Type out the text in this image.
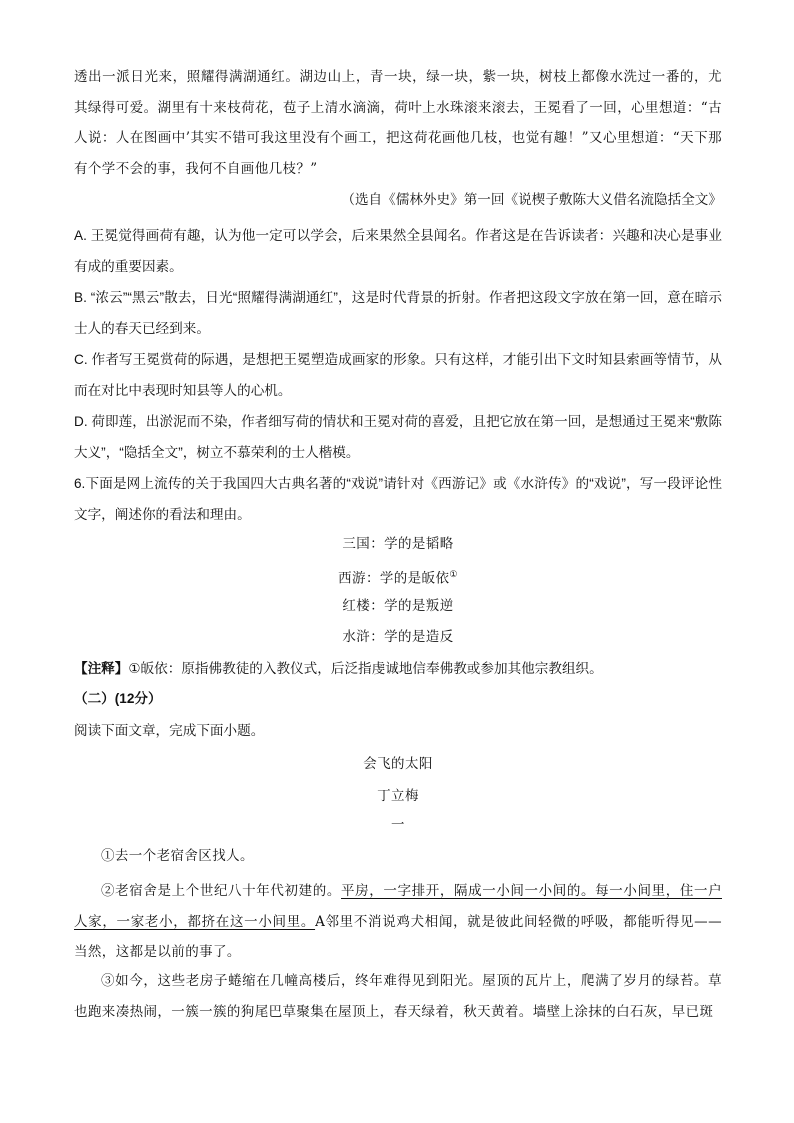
透出一派日光来，照耀得满湖通红。湖边山上，青一块，绿一块，紫一块，树枝上都像水洗过一番的，尤其绿得可爱。湖里有十来枝荷花，苞子上清水滴滴，荷叶上水珠滚来滚去，王冕看了一回，心里想道：“古人说：人在图画中’其实不错可我这里没有个画工，把这荷花画他几枝，也觉有趣！”又心里想道：“天下那有个学不会的事，我何不自画他几枝？”

（选自《儒林外史》第一回《说楔子敷陈大义借名流隐括全文》

A. 王冕觉得画荷有趣，认为他一定可以学会，后来果然全县闻名。作者这是在告诉读者：兴趣和决心是事业有成的重要因素。

B. “浓云”“黑云”散去，日光“照耀得满湖通红”，这是时代背景的折射。作者把这段文字放在第一回，意在暗示士人的春天已经到来。

C. 作者写王冕赏荷的际遇，是想把王冕塑造成画家的形象。只有这样，才能引出下文时知县索画等情节，从而在对比中表现时知县等人的心机。

D. 荷即莲，出淤泥而不染，作者细写荷的情状和王冕对荷的喜爱，且把它放在第一回，是想通过王冕来“敷陈大义”，“隐括全文”，树立不慕荣利的士人楷模。

6.下面是网上流传的关于我国四大古典名著的“戏说”请针对《西游记》或《水浒传》的“戏说”，写一段评论性文字，阐述你的看法和理由。

三国：学的是韬略

西游：学的是皈依①

红楼：学的是叛逆

水浒：学的是造反

【注释】①皈依：原指佛教徒的入教仪式，后泛指虔诚地信奉佛教或参加其他宗教组织。

（二）(12分）

阅读下面文章，完成下面小题。

会飞的太阳

丁立梅

一

①去一个老宿舍区找人。

②老宿舍是上个世纪八十年代初建的。平房，一字排开，隔成一小间一小间的。每一小间里，住一户人家，一家老小，都挤在这一小间里。A邻里不消说鸡犬相闻，就是彼此间轻微的呼吸，都能听得见——当然，这都是以前的事了。

③如今，这些老房子蜷缩在几幢高楼后，终年难得见到阳光。屋顶的瓦片上，爬满了岁月的绿苔。草也跑来凑热闹，一簇一簇的狗尾巴草聚集在屋顶上，春天绿着，秋天黄着。墙壁上涂抹的白石灰，早已斑
